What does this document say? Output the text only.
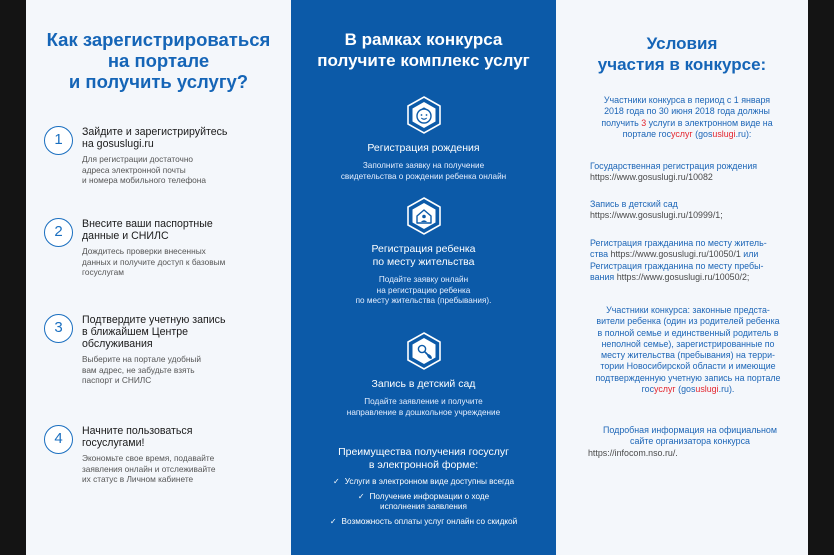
Как зарегистрироваться
на портале
и получить услугу?
1	Зайдите и зарегистрируйтесь
на gosuslugi.ru
Для регистрации достаточно
адреса электронной почты
и номера мобильного телефона
2	Внесите ваши паспортные
данные и СНИЛС
Дождитесь проверки внесенных
данных и получите доступ к базовым
госуслугам
3	Подтвердите учетную запись
в ближайшем Центре
обслуживания
Выберите на портале удобный
вам адрес, не забудьте взять
паспорт и СНИЛС
4	Начните пользоваться
госуслугами!
Экономьте свое время, подавайте
заявления онлайн и отслеживайте
их статус в Личном кабинете
В рамках конкурса
получите комплекс услуг
Регистрация рождения
Заполните заявку на получение
свидетельства о рождении ребенка онлайн
Регистрация ребенка
по месту жительства
Подайте заявку онлайн
на регистрацию ребенка
по месту жительства (пребывания).
Запись в детский сад
Подайте заявление и получите
направление в дошкольное учреждение
Преимущества получения госуслуг
в электронной форме:
✓ Услуги в электронном виде доступны всегда
✓ Получение информации о ходе
исполнения заявления
✓ Возможность оплаты услуг онлайн со скидкой
Условия
участия в конкурсе:
Участники конкурса в период с 1 января
2018 года по 30 июня 2018 года должны
получить 3 услуги в электронном виде на
портале госуслуг (gosuslugi.ru):
Государственная регистрация рождения
https://www.gosuslugi.ru/10082
Запись в детский сад
https://www.gosuslugi.ru/10999/1;
Регистрация гражданина по месту житель-
ства https://www.gosuslugi.ru/10050/1 или
Регистрация гражданина по месту пребы-
вания https://www.gosuslugi.ru/10050/2;
Участники конкурса: законные предста-
вители ребенка (один из родителей ребенка
в полной семье и единственный родитель в
неполной семье), зарегистрированные по
месту жительства (пребывания) на терри-
тории Новосибирской области и имеющие
подтвержденную учетную запись на портале
госуслуг (gosuslugi.ru).
Подробная информация на официальном
сайте организатора конкурса
https://infocom.nso.ru/.
